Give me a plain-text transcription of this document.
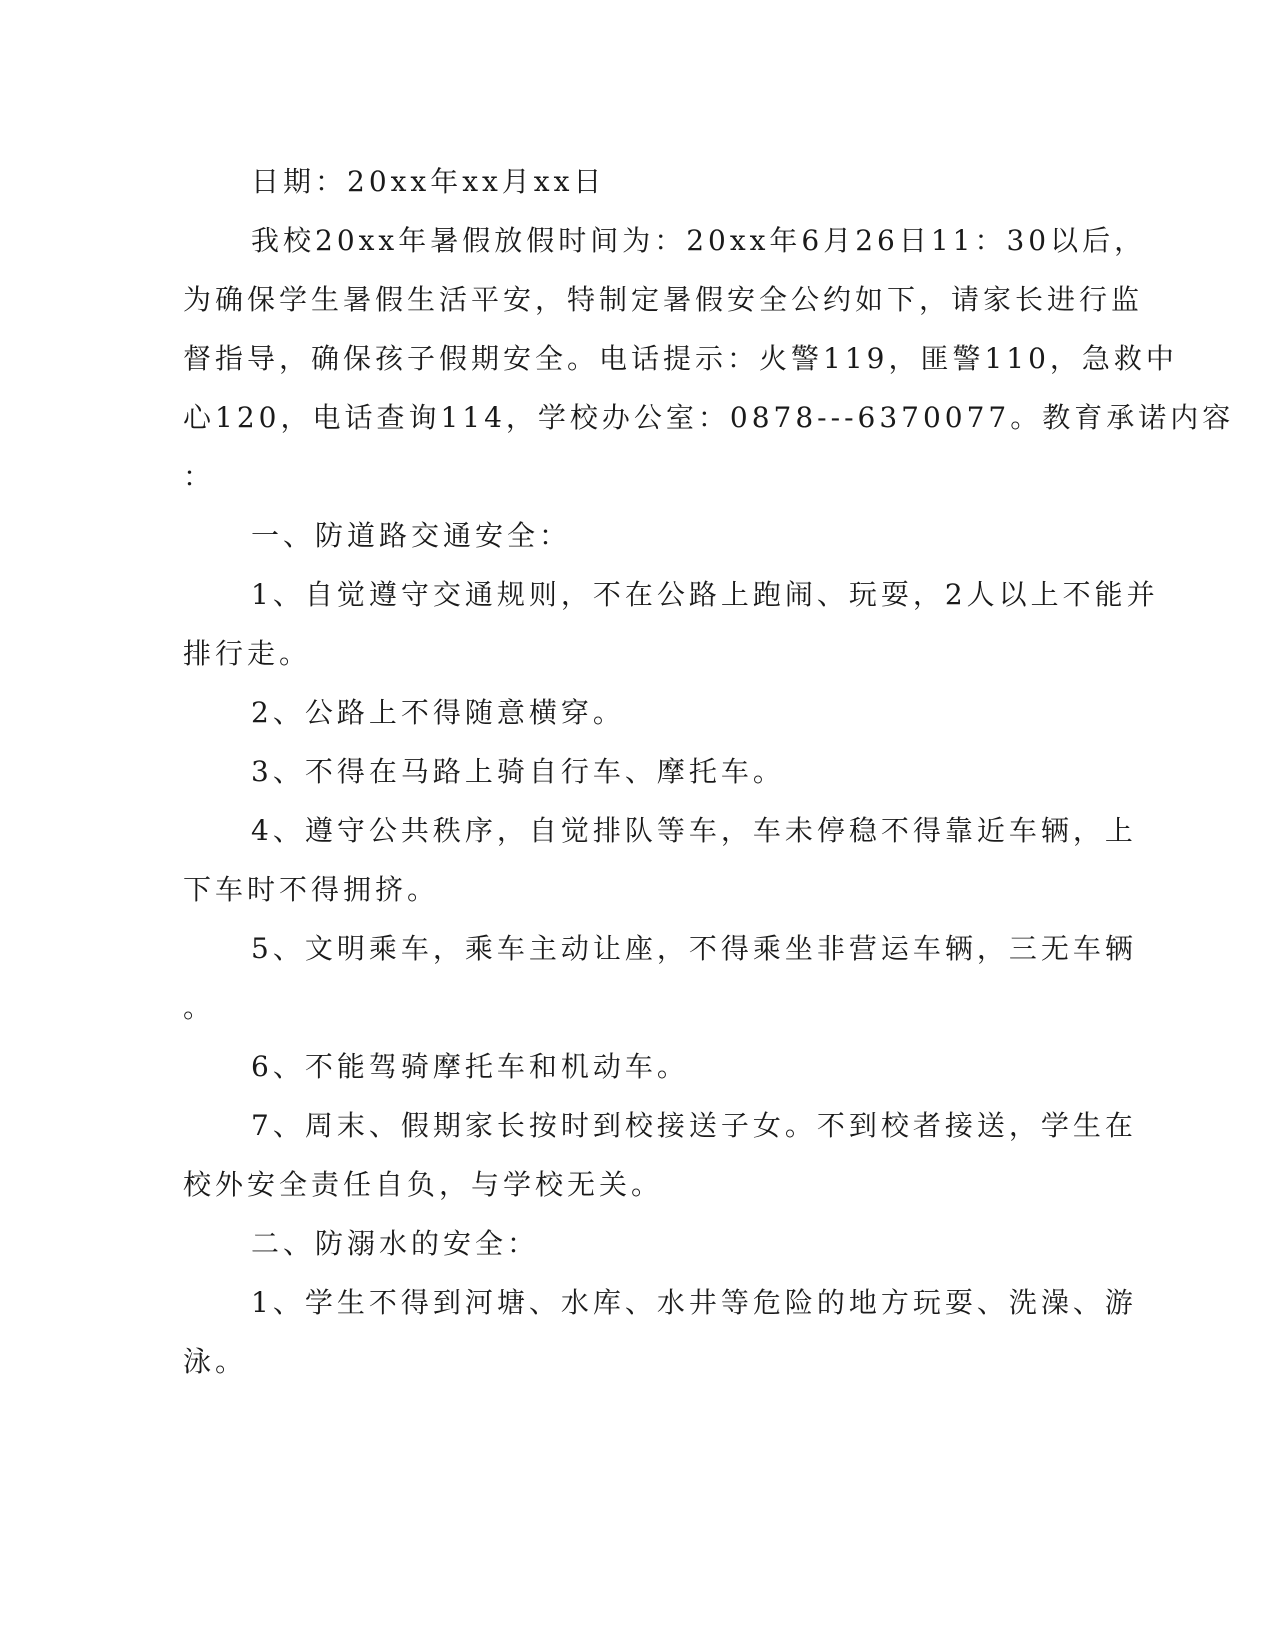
日期：20xx年xx月xx日
我校20xx年暑假放假时间为：20xx年6月26日11：30以后，
为确保学生暑假生活平安，特制定暑假安全公约如下，请家长进行监
督指导，确保孩子假期安全。电话提示：火警119，匪警110，急救中
心120，电话查询114，学校办公室：0878---6370077。教育承诺内容
：
一、防道路交通安全：
1、自觉遵守交通规则，不在公路上跑闹、玩耍，2人以上不能并
排行走。
2、公路上不得随意横穿。
3、不得在马路上骑自行车、摩托车。
4、遵守公共秩序，自觉排队等车，车未停稳不得靠近车辆，上
下车时不得拥挤。
5、文明乘车，乘车主动让座，不得乘坐非营运车辆，三无车辆
。
6、不能驾骑摩托车和机动车。
7、周末、假期家长按时到校接送子女。不到校者接送，学生在
校外安全责任自负，与学校无关。
二、防溺水的安全：
1、学生不得到河塘、水库、水井等危险的地方玩耍、洗澡、游
泳。
